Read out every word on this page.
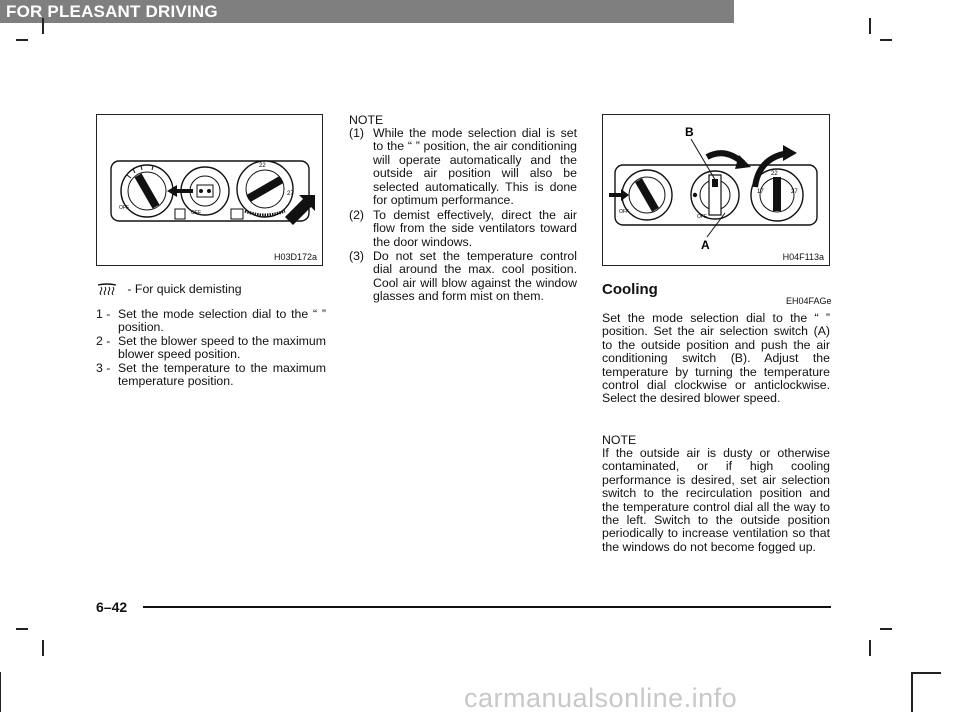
FOR PLEASANT DRIVING
OFF
OFF
22
27
H03D172a
- For quick demisting
1 - Set the mode selection dial to the “ ” position.
2 - Set the blower speed to the maximum blower speed position.
3 - Set the temperature to the maximum temperature position.
NOTE
(1) While the mode selection dial is set to the “ ” position, the air conditioning will operate automatically and the outside air position will also be selected automatically. This is done for optimum performance.
(2) To demist effectively, direct the air flow from the side ventilators toward the door windows.
(3) Do not set the temperature control dial around the max. cool position. Cool air will blow against the window glasses and form mist on them.
OFF
OFF
17	27
22
B
A
H04F113a
Cooling
EH04FAGe
Set the mode selection dial to the “ ” position. Set the air selection switch (A) to the outside position and push the air conditioning switch (B). Adjust the temperature by turning the temperature control dial clockwise or anticlockwise. Select the desired blower speed.
NOTE
If the outside air is dusty or otherwise contaminated, or if high cooling performance is desired, set air selection switch to the recirculation position and the temperature control dial all the way to the left. Switch to the outside position periodically to increase ventilation so that the windows do not become fogged up.
6–42
carmanualsonline.info
